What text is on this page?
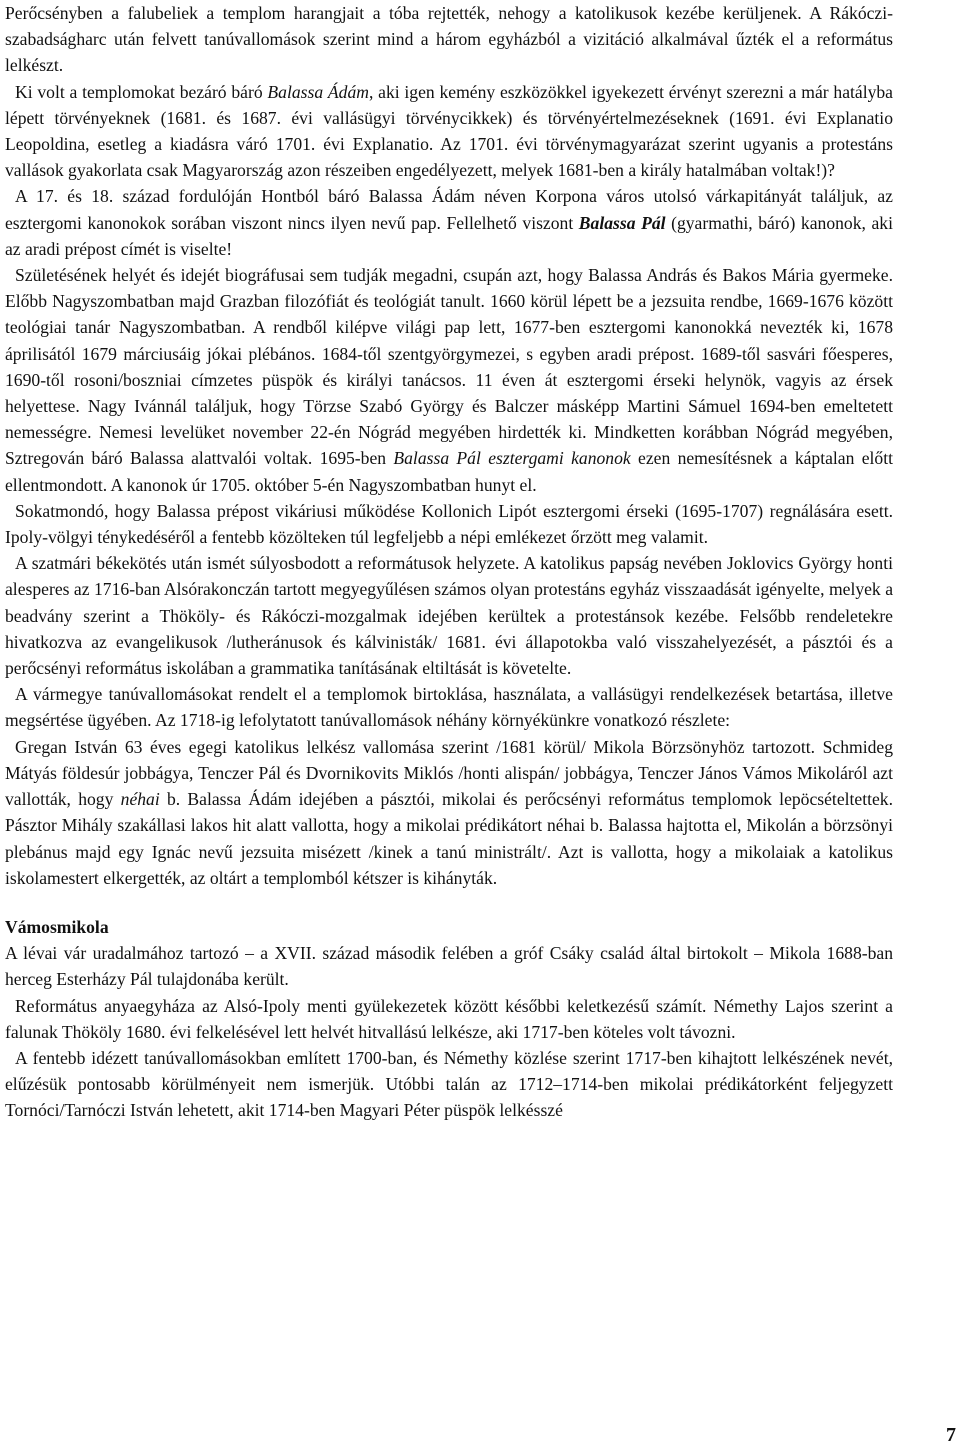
Perőcsényben a falubeliek a templom harangjait a tóba rejtették, nehogy a katolikusok kezébe kerüljenek. A Rákóczi-szabadságharc után felvett tanúvallomások szerint mind a három egyházból a vizitáció alkalmával űzték el a református lelkészt.

Ki volt a templomokat bezáró báró Balassa Ádám, aki igen kemény eszközökkel igyekezett érvényt szerezni a már hatályba lépett törvényeknek (1681. és 1687. évi vallásügyi törvénycikkek) és törvényértelmezéseknek (1691. évi Explanatio Leopoldina, esetleg a kiadásra váró 1701. évi Explanatio. Az 1701. évi törvénymagyarázat szerint ugyanis a protestáns vallások gyakorlata csak Magyarország azon részeiben engedélyezett, melyek 1681-ben a király hatalmában voltak!)?

A 17. és 18. század fordulóján Hontból báró Balassa Ádám néven Korpona város utolsó várkapitányát találjuk, az esztergomi kanonokok sorában viszont nincs ilyen nevű pap. Fellelhető viszont Balassa Pál (gyarmathi, báró) kanonok, aki az aradi prépost címét is viselte!

Születésének helyét és idejét biográfusai sem tudják megadni, csupán azt, hogy Balassa András és Bakos Mária gyermeke. Előbb Nagyszombatban majd Grazban filozófiát és teológiát tanult. 1660 körül lépett be a jezsuita rendbe, 1669-1676 között teológiai tanár Nagyszombatban. A rendből kilépve világi pap lett, 1677-ben esztergomi kanonokká nevezték ki, 1678 áprilisától 1679 márciusáig jókai plébános. 1684-től szentgyörgymezei, s egyben aradi prépost. 1689-től sasvári főesperes, 1690-től rosoni/boszniai címzetes püspök és királyi tanácsos. 11 éven át esztergomi érseki helynök, vagyis az érsek helyettese. Nagy Ivánnál találjuk, hogy Törzse Szabó György és Balczer másképp Martini Sámuel 1694-ben emeltetett nemességre. Nemesi levelüket november 22-én Nógrád megyében hirdették ki. Mindketten korábban Nógrád megyében, Sztregován báró Balassa alattvalói voltak. 1695-ben Balassa Pál esztergami kanonok ezen nemesítésnek a káptalan előtt ellentmondott. A kanonok úr 1705. október 5-én Nagyszombatban hunyt el.

Sokatmondó, hogy Balassa prépost vikáriusi működése Kollonich Lipót esztergomi érseki (1695-1707) regnálására esett. Ipoly-völgyi ténykedéséről a fentebb közölteken túl legfeljebb a népi emlékezet őrzött meg valamit.

A szatmári békekötés után ismét súlyosbodott a reformátusok helyzete. A katolikus papság nevében Joklovics György honti alesperes az 1716-ban Alsórakonczán tartott megyegyűlésen számos olyan protestáns egyház visszaadását igényelte, melyek a beadvány szerint a Thököly- és Rákóczi-mozgalmak idejében kerültek a protestánsok kezébe. Felsőbb rendeletekre hivatkozva az evangelikusok /lutheránusok és kálvinisták/ 1681. évi állapotokba való visszahelyezését, a pásztói és a perőcsényi református iskolában a grammatika tanításának eltiltását is követelte.

A vármegye tanúvallomásokat rendelt el a templomok birtoklása, használata, a vallásügyi rendelkezések betartása, illetve megsértése ügyében. Az 1718-ig lefolytatott tanúvallomások néhány környékünkre vonatkozó részlete:

Gregan István 63 éves egegi katolikus lelkész vallomása szerint /1681 körül/ Mikola Börzsönyhöz tartozott. Schmideg Mátyás földesúr jobbágya, Tenczer Pál és Dvornikovits Miklós /honti alispán/ jobbágya, Tenczer János Vámos Mikoláról azt vallották, hogy néhai b. Balassa Ádám idejében a pásztói, mikolai és perőcsényi református templomok lepöcsételtettek. Pásztor Mihály szakállasi lakos hit alatt vallotta, hogy a mikolai prédikátort néhai b. Balassa hajtotta el, Mikolán a börzsönyi plebánus majd egy Ignác nevű jezsuita misézett /kinek a tanú ministrált/. Azt is vallotta, hogy a mikolaiak a katolikus iskolamestert elkergették, az oltárt a templomból kétszer is kihányták.

Vámosmikola

A lévai vár uradalmához tartozó – a XVII. század második felében a gróf Csáky család által birtokolt – Mikola 1688-ban herceg Esterházy Pál tulajdonába került.

Református anyaegyháza az Alsó-Ipoly menti gyülekezetek között későbbi keletkezésű számít. Némethy Lajos szerint a falunak Thököly 1680. évi felkelésével lett helvét hitvallású lelkésze, aki 1717-ben köteles volt távozni.

A fentebb idézett tanúvallomásokban említett 1700-ban, és Némethy közlése szerint 1717-ben kihajtott lelkészének nevét, elűzésük pontosabb körülményeit nem ismerjük. Utóbbi talán az 1712–1714-ben mikolai prédikátorként feljegyzett Tornóci/Tarnóczi István lehetett, akit 1714-ben Magyari Péter püspök lelkésszé

7
